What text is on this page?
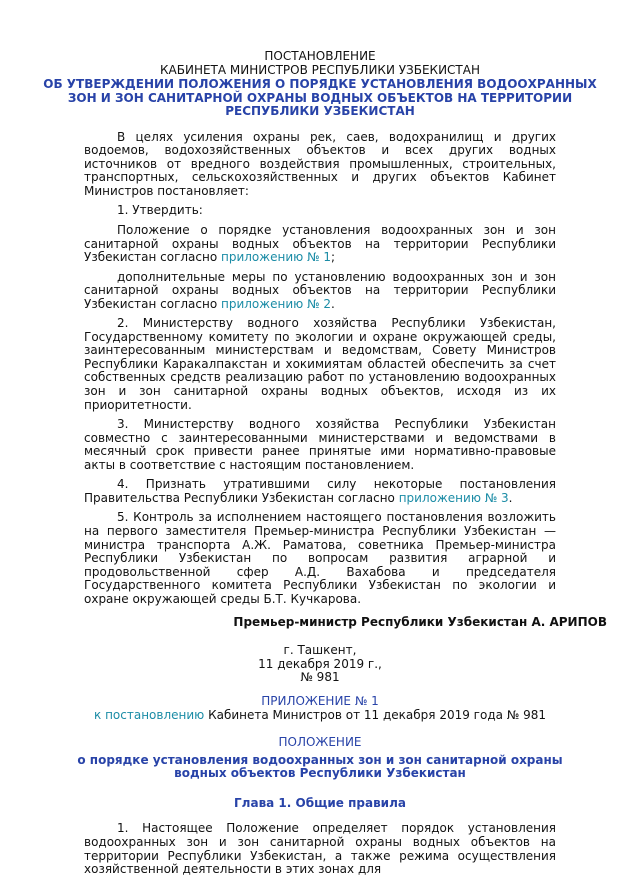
ПОСТАНОВЛЕНИЕ
КАБИНЕТА МИНИСТРОВ РЕСПУБЛИКИ УЗБЕКИСТАН
ОБ УТВЕРЖДЕНИИ ПОЛОЖЕНИЯ О ПОРЯДКЕ УСТАНОВЛЕНИЯ ВОДООХРАННЫХ ЗОН И ЗОН САНИТАРНОЙ ОХРАНЫ ВОДНЫХ ОБЪЕКТОВ НА ТЕРРИТОРИИ РЕСПУБЛИКИ УЗБЕКИСТАН

В целях усиления охраны рек, саев, водохранилищ и других водоемов, водохозяйственных объектов и всех других водных источников от вредного воздействия промышленных, строительных, транспортных, сельскохозяйственных и других объектов Кабинет Министров постановляет:

1. Утвердить:

Положение о порядке установления водоохранных зон и зон санитарной охраны водных объектов на территории Республики Узбекистан согласно приложению № 1;

дополнительные меры по установлению водоохранных зон и зон санитарной охраны водных объектов на территории Республики Узбекистан согласно приложению № 2.

2. Министерству водного хозяйства Республики Узбекистан, Государственному комитету по экологии и охране окружающей среды, заинтересованным министерствам и ведомствам, Совету Министров Республики Каракалпакстан и хокимиятам областей обеспечить за счет собственных средств реализацию работ по установлению водоохранных зон и зон санитарной охраны водных объектов, исходя из их приоритетности.

3. Министерству водного хозяйства Республики Узбекистан совместно с заинтересованными министерствами и ведомствами в месячный срок привести ранее принятые ими нормативно-правовые акты в соответствие с настоящим постановлением.

4. Признать утратившими силу некоторые постановления Правительства Республики Узбекистан согласно приложению № 3.

5. Контроль за исполнением настоящего постановления возложить на первого заместителя Премьер-министра Республики Узбекистан — министра транспорта А.Ж. Раматова, советника Премьер-министра Республики Узбекистан по вопросам развития аграрной и продовольственной сфер А.Д. Вахабова и председателя Государственного комитета Республики Узбекистан по экологии и охране окружающей среды Б.Т. Кучкарова.

Премьер-министр Республики Узбекистан А. АРИПОВ
г. Ташкент,
11 декабря 2019 г.,
№ 981
ПРИЛОЖЕНИЕ № 1
к постановлению Кабинета Министров от 11 декабря 2019 года № 981
ПОЛОЖЕНИЕ
о порядке установления водоохранных зон и зон санитарной охраны водных объектов Республики Узбекистан
Глава 1. Общие правила

1. Настоящее Положение определяет порядок установления водоохранных зон и зон санитарной охраны водных объектов на территории Республики Узбекистан, а также режима осуществления хозяйственной деятельности в этих зонах для
